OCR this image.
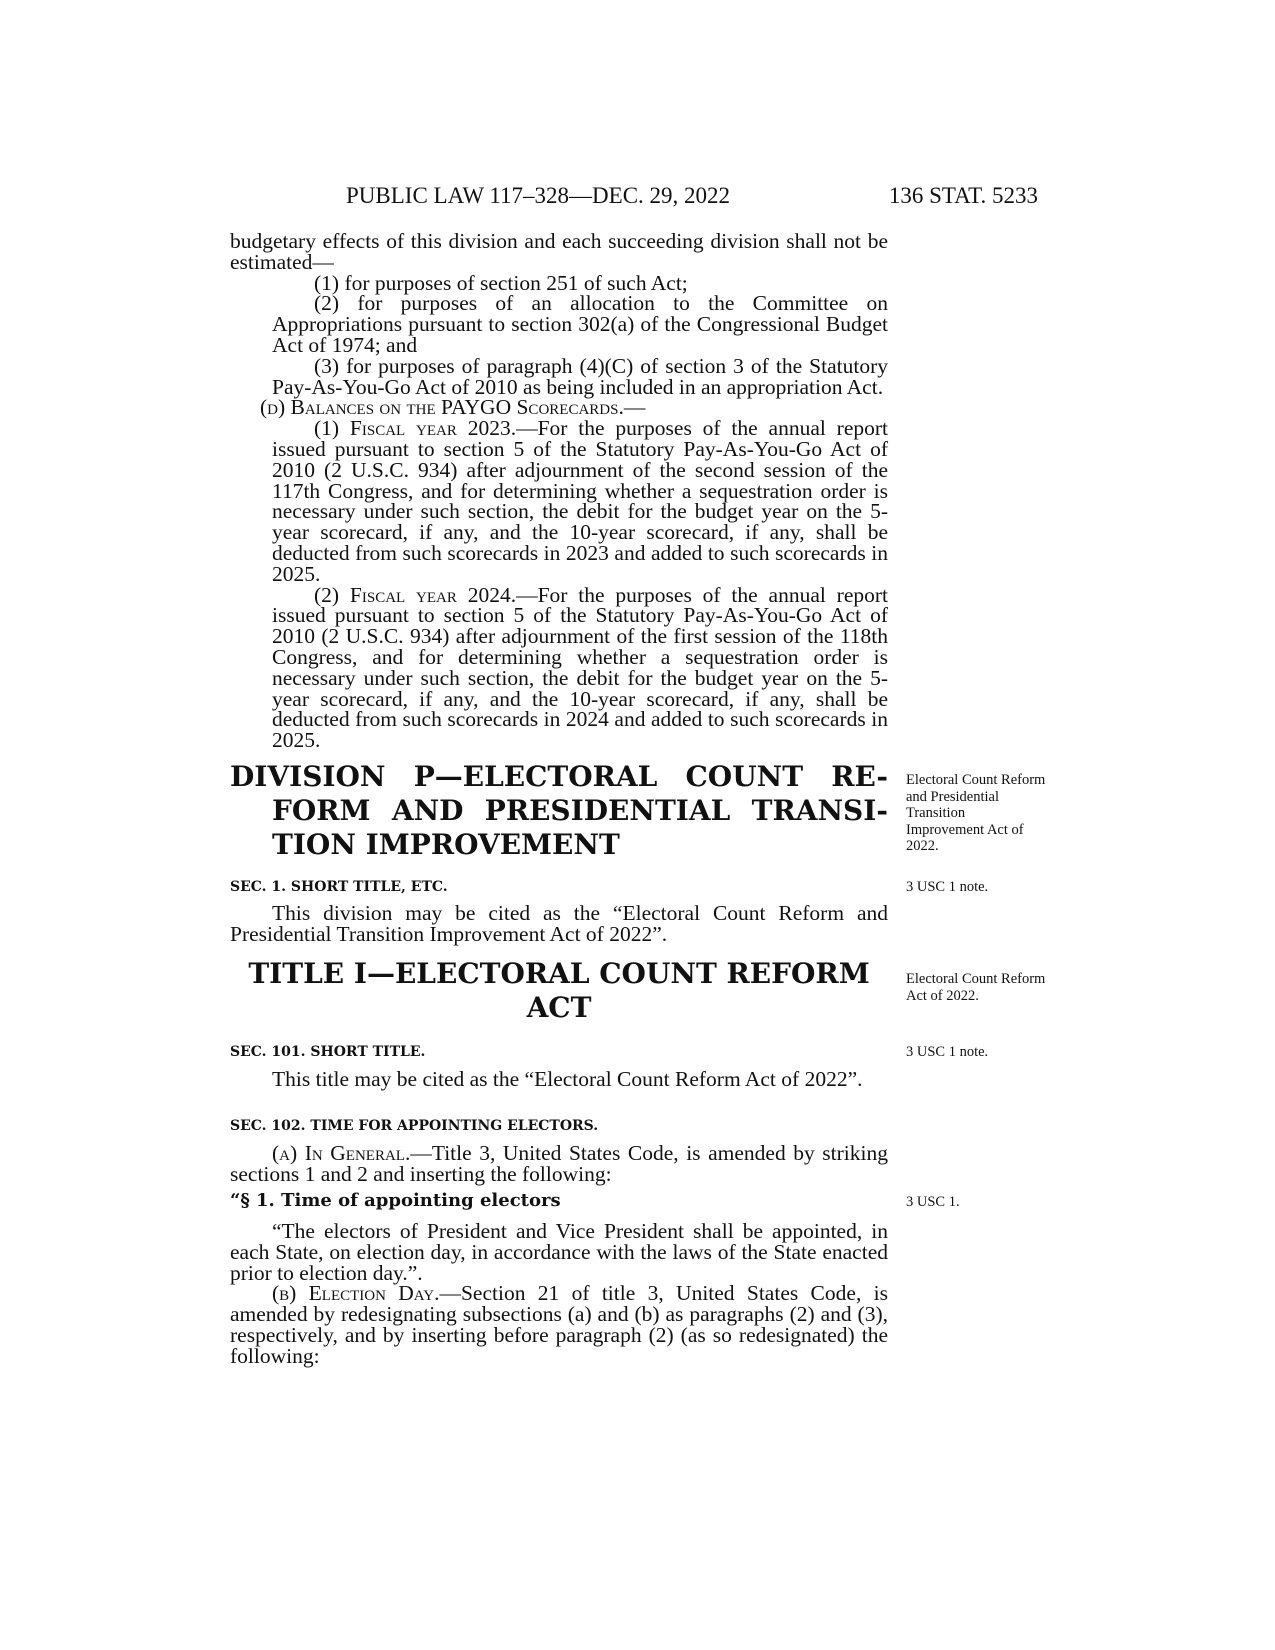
PUBLIC LAW 117–328—DEC. 29, 2022	136 STAT. 5233

budgetary effects of this division and each succeeding division shall not be estimated—

(1) for purposes of section 251 of such Act;

(2) for purposes of an allocation to the Committee on Appropriations pursuant to section 302(a) of the Congressional Budget Act of 1974; and

(3) for purposes of paragraph (4)(C) of section 3 of the Statutory Pay-As-You-Go Act of 2010 as being included in an appropriation Act.

(d) Balances on the PAYGO Scorecards.—

(1) Fiscal year 2023.—For the purposes of the annual report issued pursuant to section 5 of the Statutory Pay-As-You-Go Act of 2010 (2 U.S.C. 934) after adjournment of the second session of the 117th Congress, and for determining whether a sequestration order is necessary under such section, the debit for the budget year on the 5-year scorecard, if any, and the 10-year scorecard, if any, shall be deducted from such scorecards in 2023 and added to such scorecards in 2025.

(2) Fiscal year 2024.—For the purposes of the annual report issued pursuant to section 5 of the Statutory Pay-As-You-Go Act of 2010 (2 U.S.C. 934) after adjournment of the first session of the 118th Congress, and for determining whether a sequestration order is necessary under such section, the debit for the budget year on the 5-year scorecard, if any, and the 10-year scorecard, if any, shall be deducted from such scorecards in 2024 and added to such scorecards in 2025.

DIVISION P—ELECTORAL COUNT RE-
FORM AND PRESIDENTIAL TRANSI-
TION IMPROVEMENT

Electoral Count Reform and Presidential Transition Improvement Act of 2022.

SEC. 1. SHORT TITLE, ETC.	3 USC 1 note.

This division may be cited as the “Electoral Count Reform and Presidential Transition Improvement Act of 2022”.

TITLE I—ELECTORAL COUNT REFORM
ACT

Electoral Count Reform Act of 2022.

SEC. 101. SHORT TITLE.	3 USC 1 note.

This title may be cited as the “Electoral Count Reform Act of 2022”.

SEC. 102. TIME FOR APPOINTING ELECTORS.

(a) In General.—Title 3, United States Code, is amended by striking sections 1 and 2 and inserting the following:

“§ 1. Time of appointing electors	3 USC 1.

“The electors of President and Vice President shall be appointed, in each State, on election day, in accordance with the laws of the State enacted prior to election day.”.

(b) Election Day.—Section 21 of title 3, United States Code, is amended by redesignating subsections (a) and (b) as paragraphs (2) and (3), respectively, and by inserting before paragraph (2) (as so redesignated) the following:
